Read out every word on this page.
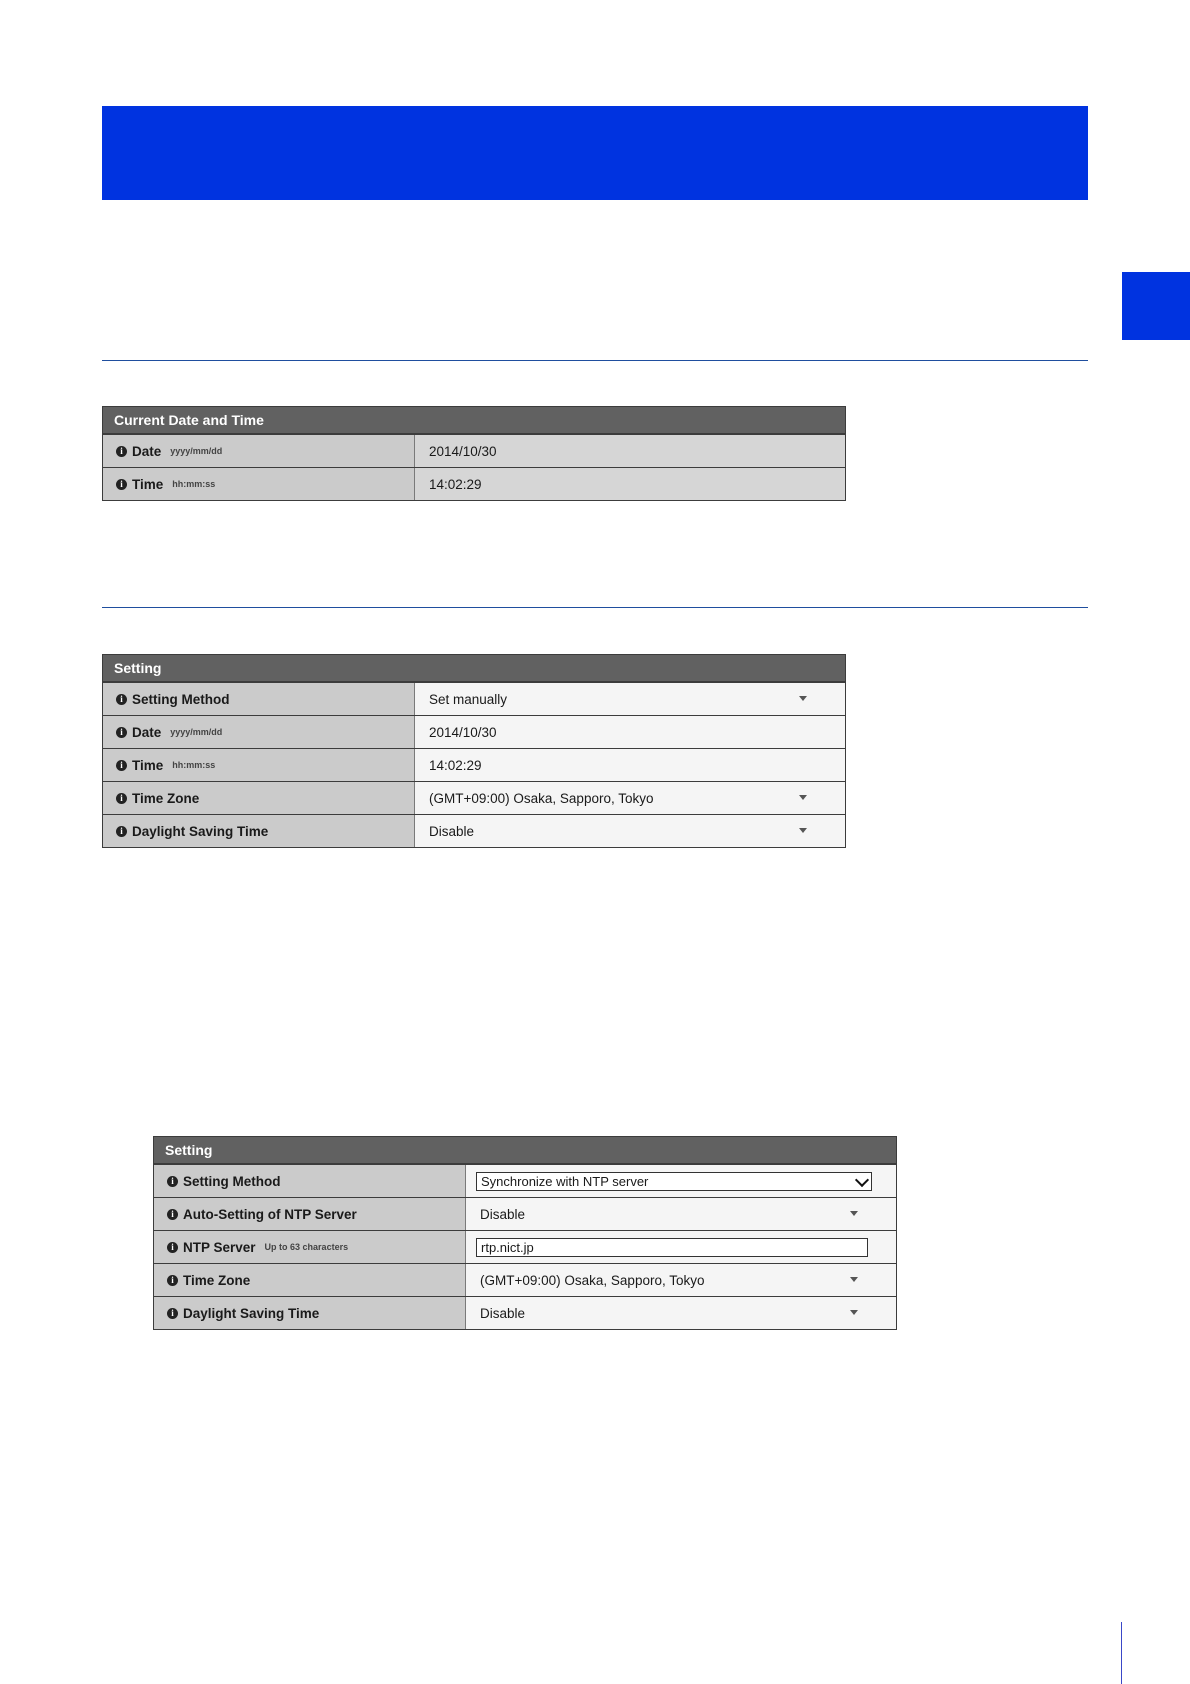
Current Date and Time
i Date yyyy/mm/dd	2014/10/30
i Time hh:mm:ss	14:02:29
Setting
i Setting Method	Set manually
i Date yyyy/mm/dd	2014/10/30
i Time hh:mm:ss	14:02:29
i Time Zone	(GMT+09:00) Osaka, Sapporo, Tokyo
i Daylight Saving Time	Disable
Setting
i Setting Method	Synchronize with NTP server
i Auto-Setting of NTP Server	Disable
i NTP Server Up to 63 characters	rtp.nict.jp
i Time Zone	(GMT+09:00) Osaka, Sapporo, Tokyo
i Daylight Saving Time	Disable
